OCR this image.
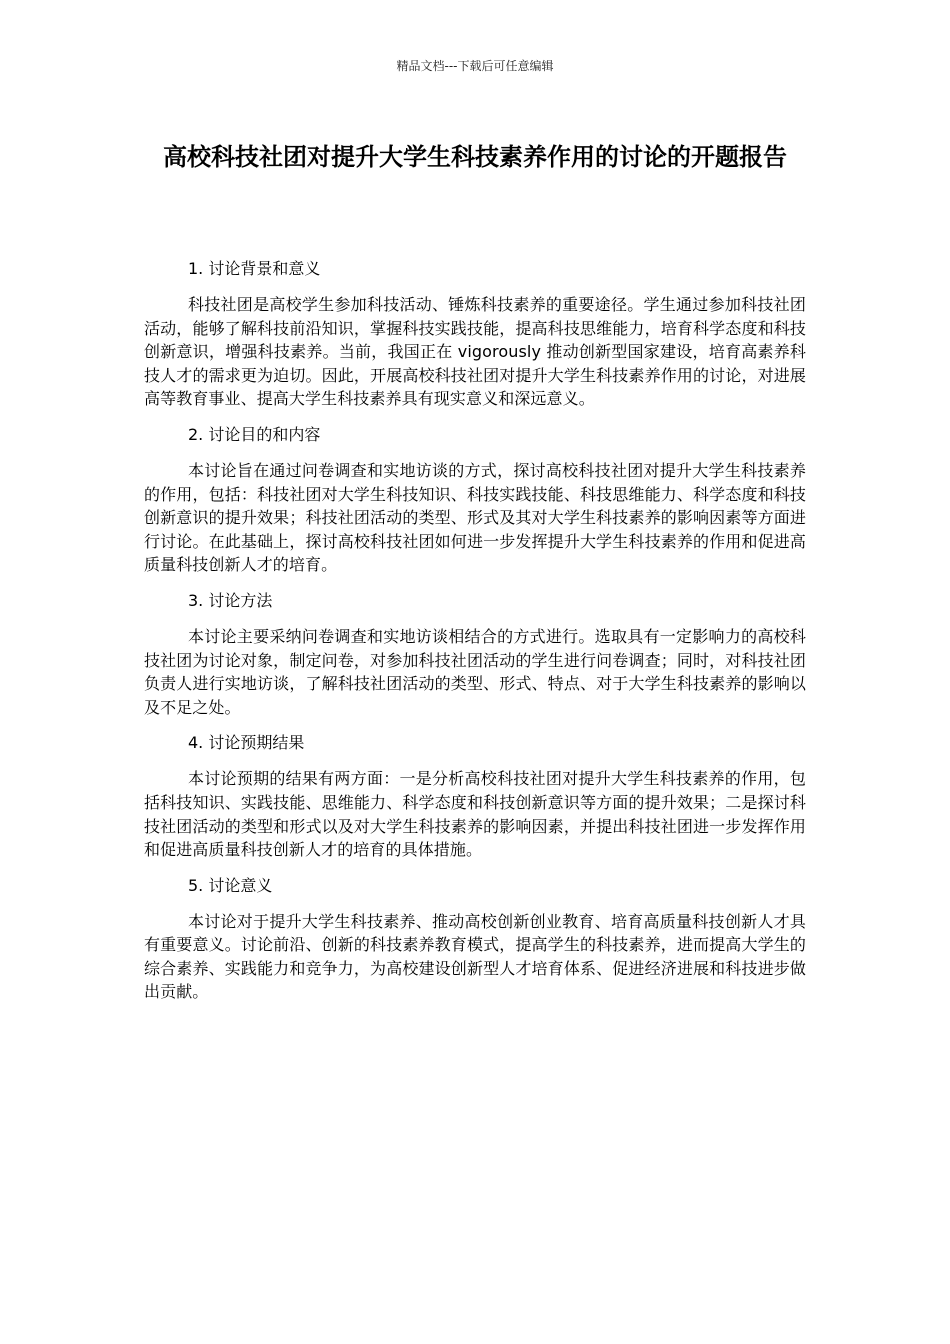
精品文档---下载后可任意编辑
高校科技社团对提升大学生科技素养作用的讨论的开题报告

1. 讨论背景和意义

科技社团是高校学生参加科技活动、锤炼科技素养的重要途径。学生通过参加科技社团活动，能够了解科技前沿知识，掌握科技实践技能，提高科技思维能力，培育科学态度和科技创新意识，增强科技素养。当前，我国正在 vigorously 推动创新型国家建设，培育高素养科技人才的需求更为迫切。因此，开展高校科技社团对提升大学生科技素养作用的讨论，对进展高等教育事业、提高大学生科技素养具有现实意义和深远意义。

2. 讨论目的和内容

本讨论旨在通过问卷调查和实地访谈的方式，探讨高校科技社团对提升大学生科技素养的作用，包括：科技社团对大学生科技知识、科技实践技能、科技思维能力、科学态度和科技创新意识的提升效果；科技社团活动的类型、形式及其对大学生科技素养的影响因素等方面进行讨论。在此基础上，探讨高校科技社团如何进一步发挥提升大学生科技素养的作用和促进高质量科技创新人才的培育。

3. 讨论方法

本讨论主要采纳问卷调查和实地访谈相结合的方式进行。选取具有一定影响力的高校科技社团为讨论对象，制定问卷，对参加科技社团活动的学生进行问卷调查；同时，对科技社团负责人进行实地访谈，了解科技社团活动的类型、形式、特点、对于大学生科技素养的影响以及不足之处。

4. 讨论预期结果

本讨论预期的结果有两方面：一是分析高校科技社团对提升大学生科技素养的作用，包括科技知识、实践技能、思维能力、科学态度和科技创新意识等方面的提升效果；二是探讨科技社团活动的类型和形式以及对大学生科技素养的影响因素，并提出科技社团进一步发挥作用和促进高质量科技创新人才的培育的具体措施。

5. 讨论意义

本讨论对于提升大学生科技素养、推动高校创新创业教育、培育高质量科技创新人才具有重要意义。讨论前沿、创新的科技素养教育模式，提高学生的科技素养，进而提高大学生的综合素养、实践能力和竞争力，为高校建设创新型人才培育体系、促进经济进展和科技进步做出贡献。
